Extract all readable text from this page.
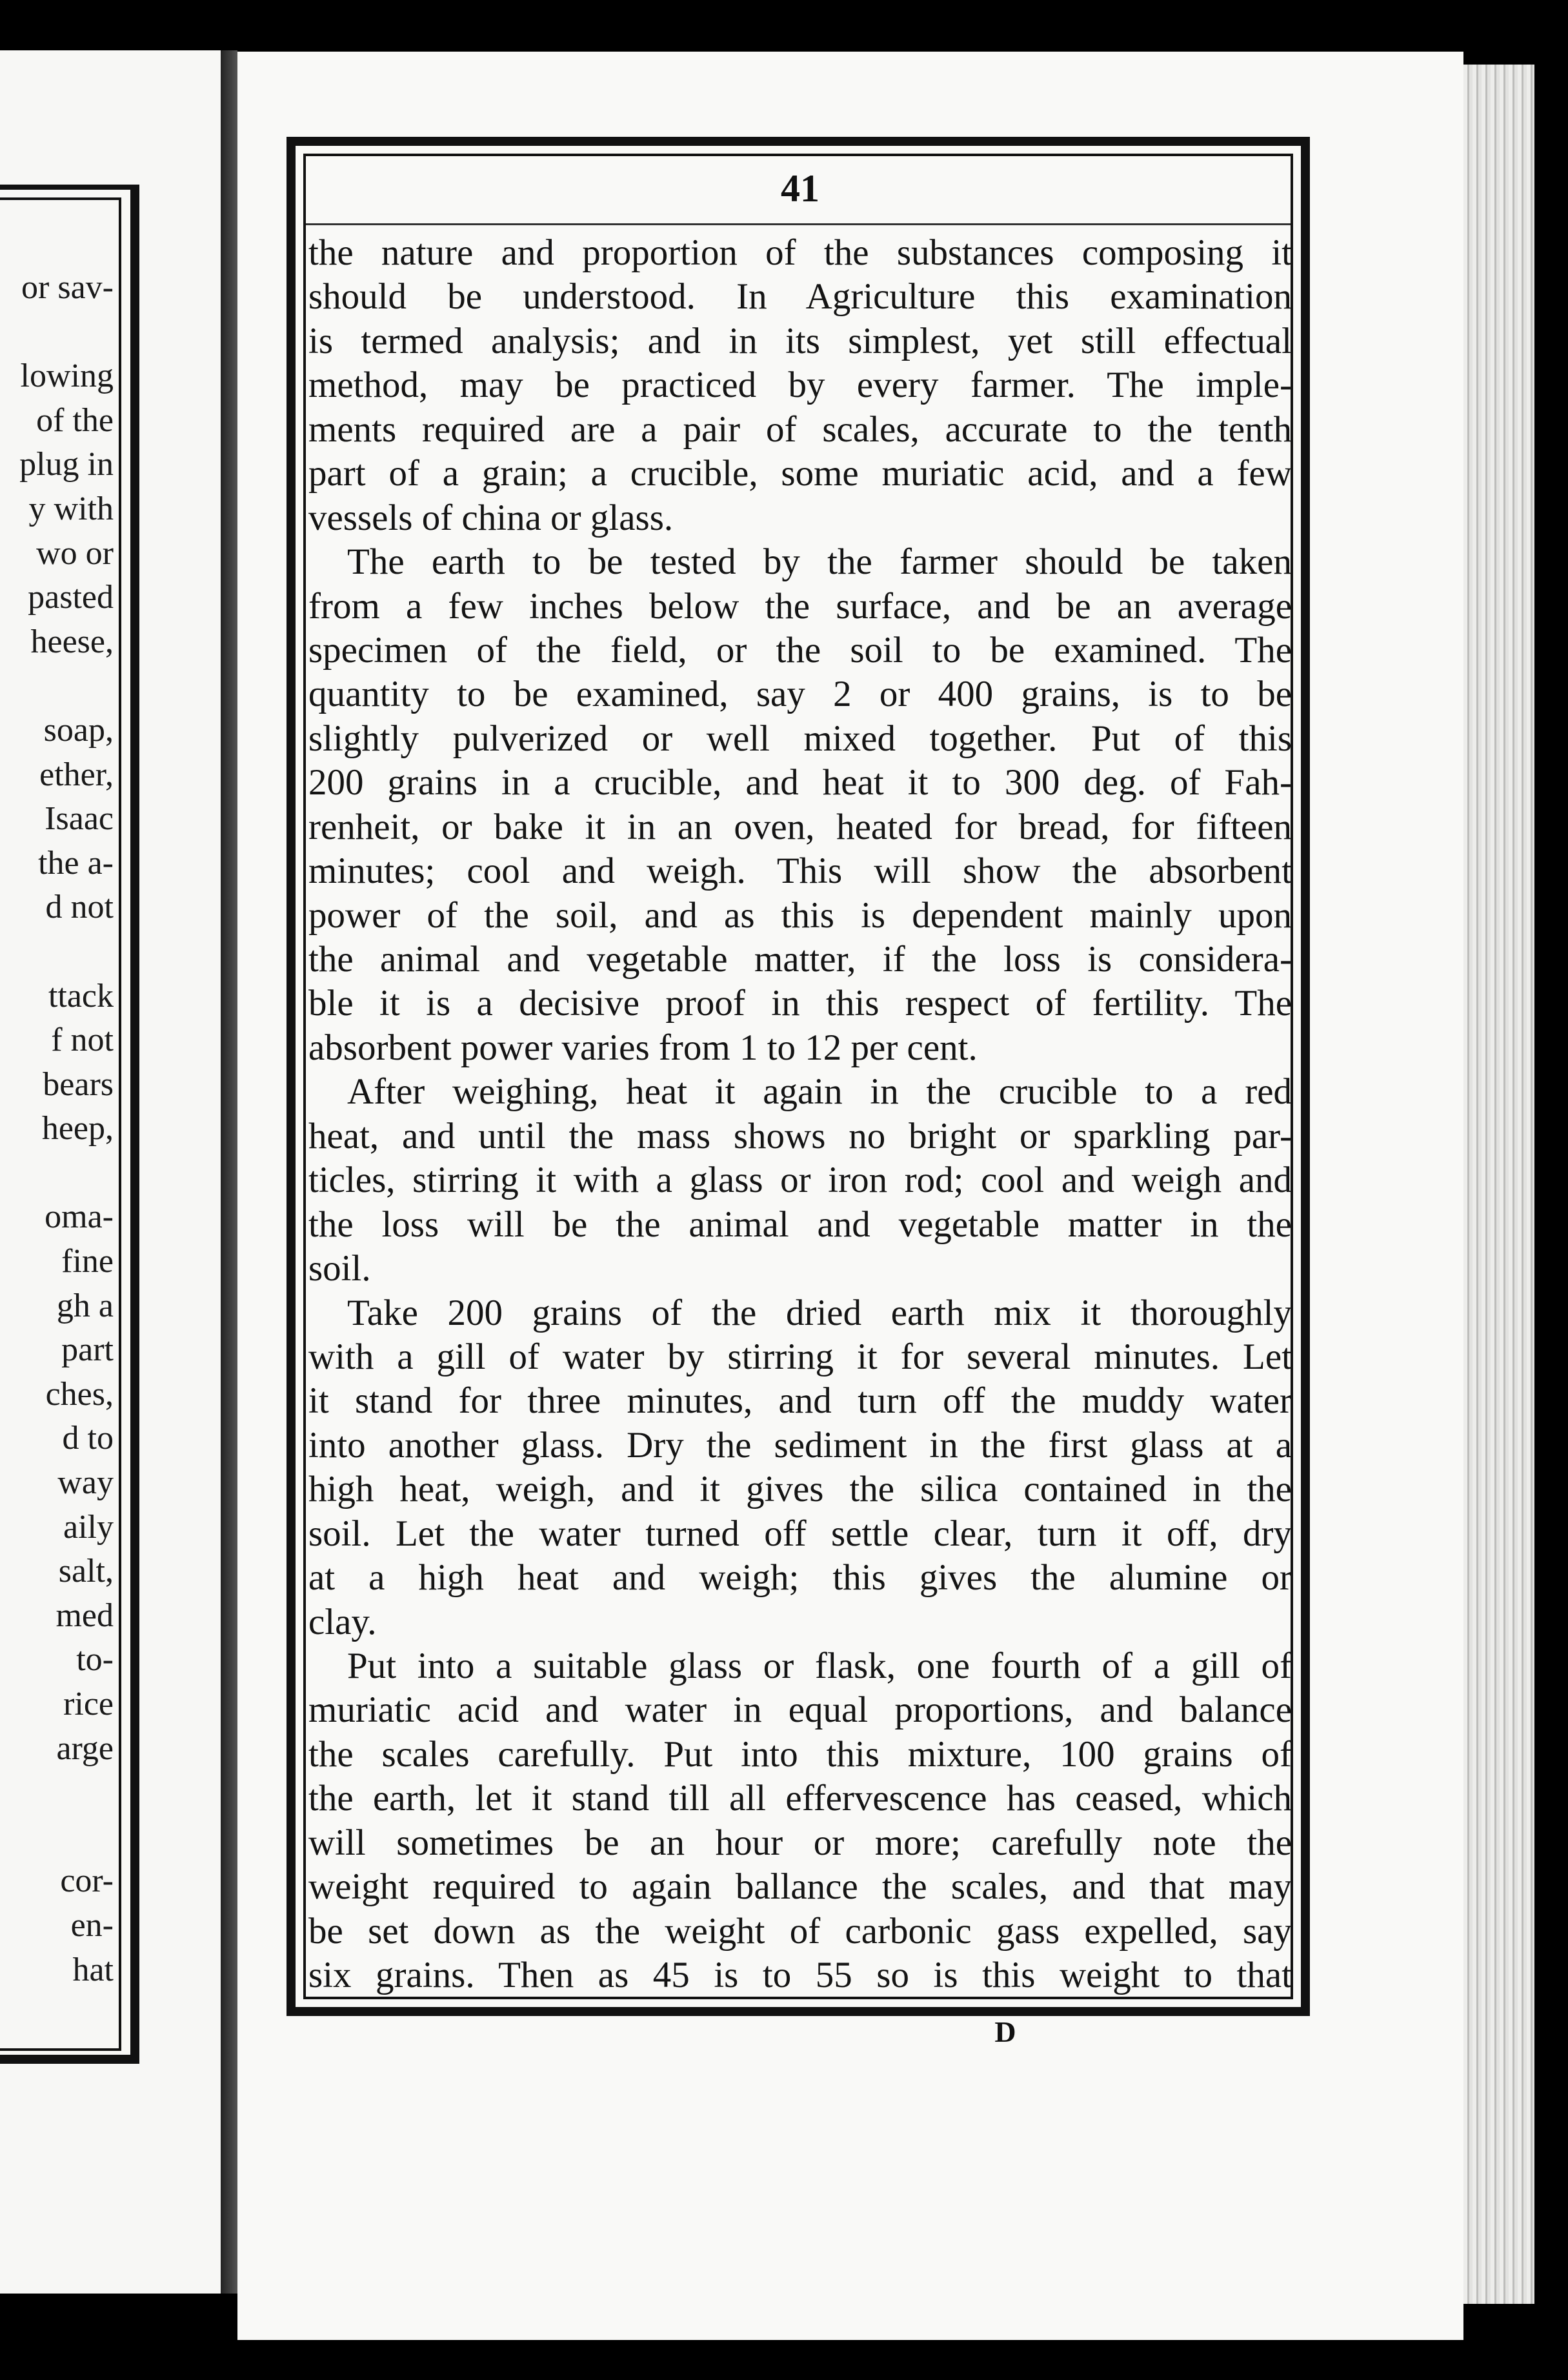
or sav-
lowing
of the
plug in
y with
wo or
pasted
heese,
soap,
ether,
Isaac
the a-
d not
ttack
f not
bears
heep,
oma-
fine
gh a
part
ches,
d to
way
aily
salt,
med
to-
rice
arge
cor-
en-
hat
41
the nature and proportion of the substances composing it
should be understood. In Agriculture this examination
is termed analysis; and in its simplest, yet still effectual
method, may be practiced by every farmer. The imple-
ments required are a pair of scales, accurate to the tenth
part of a grain; a crucible, some muriatic acid, and a few
vessels of china or glass.
The earth to be tested by the farmer should be taken
from a few inches below the surface, and be an average
specimen of the field, or the soil to be examined. The
quantity to be examined, say 2 or 400 grains, is to be
slightly pulverized or well mixed together. Put of this
200 grains in a crucible, and heat it to 300 deg. of Fah-
renheit, or bake it in an oven, heated for bread, for fifteen
minutes; cool and weigh. This will show the absorbent
power of the soil, and as this is dependent mainly upon
the animal and vegetable matter, if the loss is considera-
ble it is a decisive proof in this respect of fertility. The
absorbent power varies from 1 to 12 per cent.
After weighing, heat it again in the crucible to a red
heat, and until the mass shows no bright or sparkling par-
ticles, stirring it with a glass or iron rod; cool and weigh and
the loss will be the animal and vegetable matter in the
soil.
Take 200 grains of the dried earth mix it thoroughly
with a gill of water by stirring it for several minutes. Let
it stand for three minutes, and turn off the muddy water
into another glass. Dry the sediment in the first glass at a
high heat, weigh, and it gives the silica contained in the
soil. Let the water turned off settle clear, turn it off, dry
at a high heat and weigh; this gives the alumine or
clay.
Put into a suitable glass or flask, one fourth of a gill of
muriatic acid and water in equal proportions, and balance
the scales carefully. Put into this mixture, 100 grains of
the earth, let it stand till all effervescence has ceased, which
will sometimes be an hour or more; carefully note the
weight required to again ballance the scales, and that may
be set down as the weight of carbonic gass expelled, say
six grains. Then as 45 is to 55 so is this weight to that
D
